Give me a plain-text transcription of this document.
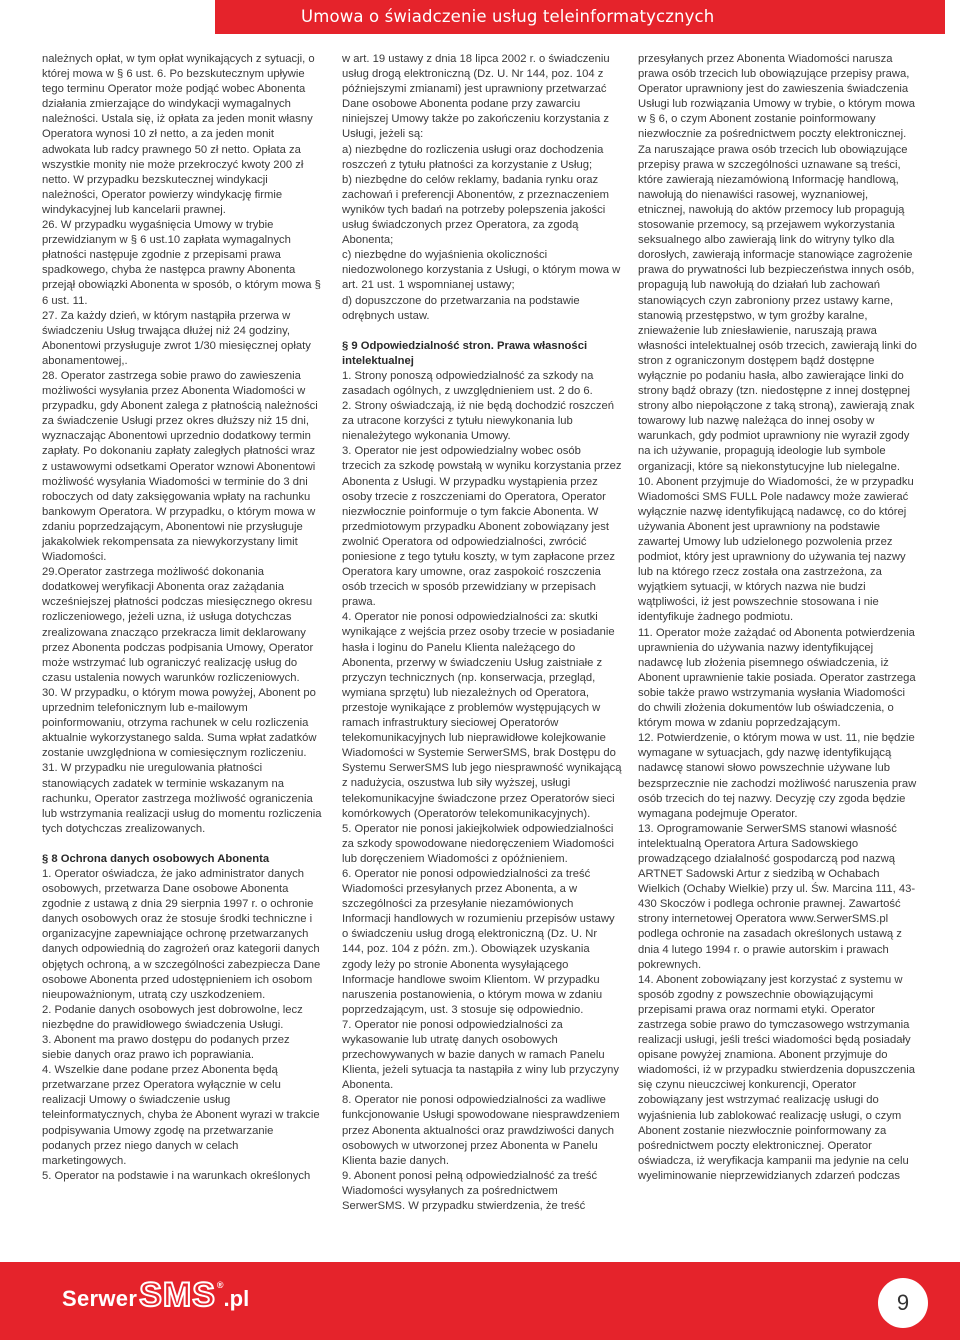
Umowa o świadczenie usług teleinformatycznych

należnych opłat, w tym opłat wynikających z sytuacji, o której mowa w § 6 ust. 6. Po bezskutecznym upływie tego terminu Operator może podjąć wobec Abonenta działania zmierzające do windykacji wymagalnych należności. Ustala się, iż opłata za jeden monit własny Operatora wynosi 10 zł netto, a za jeden monit adwokata lub radcy prawnego 50 zł netto. Opłata za wszystkie monity nie może przekroczyć kwoty 200 zł netto. W przypadku bezskutecznej windykacji należności, Operator powierzy windykację firmie windykacyjnej lub kancelarii prawnej.

26. W przypadku wygaśnięcia Umowy w trybie przewidzianym w § 6 ust.10 zapłata wymagalnych płatności następuje zgodnie z przepisami prawa spadkowego, chyba że następca prawny Abonenta przejął obowiązki Abonenta w sposób, o którym mowa § 6 ust. 11.

27. Za każdy dzień, w którym nastąpiła przerwa w świadczeniu Usług trwająca dłużej niż 24 godziny, Abonentowi przysługuje zwrot 1/30 miesięcznej opłaty abonamentowej,.

28. Operator zastrzega sobie prawo do zawieszenia możliwości wysyłania przez Abonenta Wiadomości w przypadku, gdy Abonent zalega z płatnością należności za świadczenie Usługi przez okres dłuższy niż 15 dni, wyznaczając Abonentowi uprzednio dodatkowy termin zapłaty. Po dokonaniu zapłaty zaległych płatności wraz z ustawowymi odsetkami Operator wznowi Abonentowi możliwość wysyłania Wiadomości w terminie do 3 dni roboczych od daty zaksięgowania wpłaty na rachunku bankowym Operatora. W przypadku, o którym mowa w zdaniu poprzedzającym, Abonentowi nie przysługuje jakakolwiek rekompensata za niewykorzystany limit Wiadomości.

29.Operator zastrzega możliwość dokonania dodatkowej weryfikacji Abonenta oraz zażądania wcześniejszej płatności podczas miesięcznego okresu rozliczeniowego, jeżeli uzna, iż usługa dotychczas zrealizowana znacząco przekracza limit deklarowany przez Abonenta podczas podpisania Umowy, Operator może wstrzymać lub ograniczyć realizację usług do czasu ustalenia nowych warunków rozliczeniowych.

30. W przypadku, o którym mowa powyżej, Abonent po uprzednim telefonicznym lub e-mailowym poinformowaniu, otrzyma rachunek w celu rozliczenia aktualnie wykorzystanego salda. Suma wpłat zadatków zostanie uwzględniona w comiesięcznym rozliczeniu.

31. W przypadku nie uregulowania płatności stanowiących zadatek w terminie wskazanym na rachunku, Operator zastrzega możliwość ograniczenia lub wstrzymania realizacji usług do momentu rozliczenia tych dotychczas zrealizowanych.

§ 8 Ochrona danych osobowych Abonenta

1. Operator oświadcza, że jako administrator danych osobowych, przetwarza Dane osobowe Abonenta zgodnie z ustawą z dnia 29 sierpnia 1997 r. o ochronie danych osobowych oraz że stosuje środki techniczne i organizacyjne zapewniające ochronę przetwarzanych danych odpowiednią do zagrożeń oraz kategorii danych objętych ochroną, a w szczególności zabezpiecza Dane osobowe Abonenta przed udostępnieniem ich osobom nieupoważnionym, utratą czy uszkodzeniem.

2. Podanie danych osobowych jest dobrowolne, lecz niezbędne do prawidłowego świadczenia Usługi.

3. Abonent ma prawo dostępu do podanych przez siebie danych oraz prawo ich poprawiania.

4. Wszelkie dane podane przez Abonenta będą przetwarzane przez Operatora wyłącznie w celu realizacji Umowy o świadczenie usług teleinformatycznych, chyba że Abonent wyrazi w trakcie podpisywania Umowy zgodę na przetwarzanie podanych przez niego danych w celach marketingowych.

5. Operator na podstawie i na warunkach określonych

w art. 19 ustawy z dnia 18 lipca 2002 r. o świadczeniu usług drogą elektroniczną (Dz. U. Nr 144, poz. 104 z późniejszymi zmianami) jest uprawniony przetwarzać Dane osobowe Abonenta podane przy zawarciu niniejszej Umowy także po zakończeniu korzystania z Usługi, jeżeli są:

a) niezbędne do rozliczenia usługi oraz dochodzenia roszczeń z tytułu płatności za korzystanie z Usług;

b) niezbędne do celów reklamy, badania rynku oraz zachowań i preferencji Abonentów, z przeznaczeniem wyników tych badań na potrzeby polepszenia jakości usług świadczonych przez Operatora, za zgodą Abonenta;

c) niezbędne do wyjaśnienia okoliczności niedozwolonego korzystania z Usługi, o którym mowa w art. 21 ust. 1 wspomnianej ustawy;

d) dopuszczone do przetwarzania na podstawie odrębnych ustaw.

§ 9 Odpowiedzialność stron. Prawa własności intelektualnej

1. Strony ponoszą odpowiedzialność za szkody na zasadach ogólnych, z uwzględnieniem ust. 2 do 6.

2. Strony oświadczają, iż nie będą dochodzić roszczeń za utracone korzyści z tytułu niewykonania lub nienależytego wykonania Umowy.

3. Operator nie jest odpowiedzialny wobec osób trzecich za szkodę powstałą w wyniku korzystania przez Abonenta z Usługi. W przypadku wystąpienia przez osoby trzecie z roszczeniami do Operatora, Operator niezwłocznie poinformuje o tym fakcie Abonenta. W przedmiotowym przypadku Abonent zobowiązany jest zwolnić Operatora od odpowiedzialności, zwrócić poniesione z tego tytułu koszty, w tym zapłacone przez Operatora kary umowne, oraz zaspokoić roszczenia osób trzecich w sposób przewidziany w przepisach prawa.

4. Operator nie ponosi odpowiedzialności za: skutki wynikające z wejścia przez osoby trzecie w posiadanie hasła i loginu do Panelu Klienta należącego do Abonenta, przerwy w świadczeniu Usług zaistniałe z przyczyn technicznych (np. konserwacja, przegląd, wymiana sprzętu) lub niezależnych od Operatora, przestoje wynikające z problemów występujących w ramach infrastruktury sieciowej Operatorów telekomunikacyjnych lub nieprawidłowe kolejkowanie Wiadomości w Systemie SerwerSMS, brak Dostępu do Systemu SerwerSMS lub jego niesprawność wynikającą z nadużycia, oszustwa lub siły wyższej, usługi telekomunikacyjne świadczone przez Operatorów sieci komórkowych (Operatorów telekomunikacyjnych).

5. Operator nie ponosi jakiejkolwiek odpowiedzialności za szkody spowodowane niedoręczeniem Wiadomości lub doręczeniem Wiadomości z opóźnieniem.

6. Operator nie ponosi odpowiedzialności za treść Wiadomości przesyłanych przez Abonenta, a w szczególności za przesyłanie niezamówionych Informacji handlowych w rozumieniu przepisów ustawy o świadczeniu usług drogą elektroniczną (Dz. U. Nr 144, poz. 104 z późn. zm.). Obowiązek uzyskania zgody leży po stronie Abonenta wysyłającego Informacje handlowe swoim Klientom. W przypadku naruszenia postanowienia, o którym mowa w zdaniu poprzedzającym, ust. 3 stosuje się odpowiednio.

7. Operator nie ponosi odpowiedzialności za wykasowanie lub utratę danych osobowych przechowywanych w bazie danych w ramach Panelu Klienta, jeżeli sytuacja ta nastąpiła z winy lub przyczyny Abonenta.

8. Operator nie ponosi odpowiedzialności za wadliwe funkcjonowanie Usługi spowodowane niesprawdzeniem przez Abonenta aktualności oraz prawdziwości danych osobowych w utworzonej przez Abonenta w Panelu Klienta bazie danych.

9. Abonent ponosi pełną odpowiedzialność za treść Wiadomości wysyłanych za pośrednictwem SerwerSMS. W przypadku stwierdzenia, że treść

przesyłanych przez Abonenta Wiadomości narusza prawa osób trzecich lub obowiązujące przepisy prawa, Operator uprawniony jest do zawieszenia świadczenia Usługi lub rozwiązania Umowy w trybie, o którym mowa w § 6, o czym Abonent zostanie poinformowany niezwłocznie za pośrednictwem poczty elektronicznej. Za naruszające prawa osób trzecich lub obowiązujące przepisy prawa w szczególności uznawane są treści, które zawierają niezamówioną Informację handlową, nawołują do nienawiści rasowej, wyznaniowej, etnicznej, nawołują do aktów przemocy lub propagują stosowanie przemocy, są przejawem wykorzystania seksualnego albo zawierają link do witryny tylko dla dorosłych, zawierają informacje stanowiące zagrożenie prawa do prywatności lub bezpieczeństwa innych osób, propagują lub nawołują do działań lub zachowań stanowiących czyn zabroniony przez ustawy karne, stanowią przestępstwo, w tym groźby karalne, znieważenie lub zniesławienie, naruszają prawa własności intelektualnej osób trzecich, zawierają linki do stron z ograniczonym dostępem bądź dostępne wyłącznie po podaniu hasła, albo zawierające linki do strony bądź obrazy (tzn. niedostępne z innej dostępnej strony albo niepołączone z taką stroną), zawierają znak towarowy lub nazwę należąca do innej osoby w warunkach, gdy podmiot uprawniony nie wyraził zgody na ich używanie, propagują ideologie lub symbole organizacji, które są niekonstytucyjne lub nielegalne.

10. Abonent przyjmuje do Wiadomości, że w przypadku Wiadomości SMS FULL Pole nadawcy może zawierać wyłącznie nazwę identyfikującą nadawcę, co do której używania Abonent jest uprawniony na podstawie zawartej Umowy lub udzielonego pozwolenia przez podmiot, który jest uprawniony do używania tej nazwy lub na którego rzecz została ona zastrzeżona, za wyjątkiem sytuacji, w których nazwa nie budzi wątpliwości, iż jest powszechnie stosowana i nie identyfikuje żadnego podmiotu.

11. Operator może zażądać od Abonenta potwierdzenia uprawnienia do używania nazwy identyfikującej nadawcę lub złożenia pisemnego oświadczenia, iż Abonent uprawnienie takie posiada. Operator zastrzega sobie także prawo wstrzymania wysłania Wiadomości do chwili złożenia dokumentów lub oświadczenia, o którym mowa w zdaniu poprzedzającym.

12. Potwierdzenie, o którym mowa w ust. 11, nie będzie wymagane w sytuacjach, gdy nazwę identyfikującą nadawcę stanowi słowo powszechnie używane lub bezsprzecznie nie zachodzi możliwość naruszenia praw osób trzecich do tej nazwy. Decyzję czy zgoda będzie wymagana podejmuje Operator.

13. Oprogramowanie SerwerSMS stanowi własność intelektualną Operatora Artura Sadowskiego prowadzącego działalność gospodarczą pod nazwą ARTNET Sadowski Artur z siedzibą w Ochabach Wielkich (Ochaby Wielkie) przy ul. Św. Marcina 111, 43-430 Skoczów i podlega ochronie prawnej. Zawartość strony internetowej Operatora www.SerwerSMS.pl podlega ochronie na zasadach określonych ustawą z dnia 4 lutego 1994 r. o prawie autorskim i prawach pokrewnych.

14. Abonent zobowiązany jest korzystać z systemu w sposób zgodny z powszechnie obowiązującymi przepisami prawa oraz normami etyki. Operator zastrzega sobie prawo do tymczasowego wstrzymania realizacji usługi, jeśli treści wiadomości będą posiadały opisane powyżej znamiona. Abonent przyjmuje do wiadomości, iż w przypadku stwierdzenia dopuszczenia się czynu nieuczciwej konkurencji, Operator zobowiązany jest wstrzymać realizację usługi do wyjaśnienia lub zablokować realizację usługi, o czym Abonent zostanie niezwłocznie poinformowany za pośrednictwem poczty elektronicznej. Operator oświadcza, iż weryfikacja kampanii ma jedynie na celu wyeliminowanie nieprzewidzianych zdarzeń podczas

SerwerSMS®.pl	9
